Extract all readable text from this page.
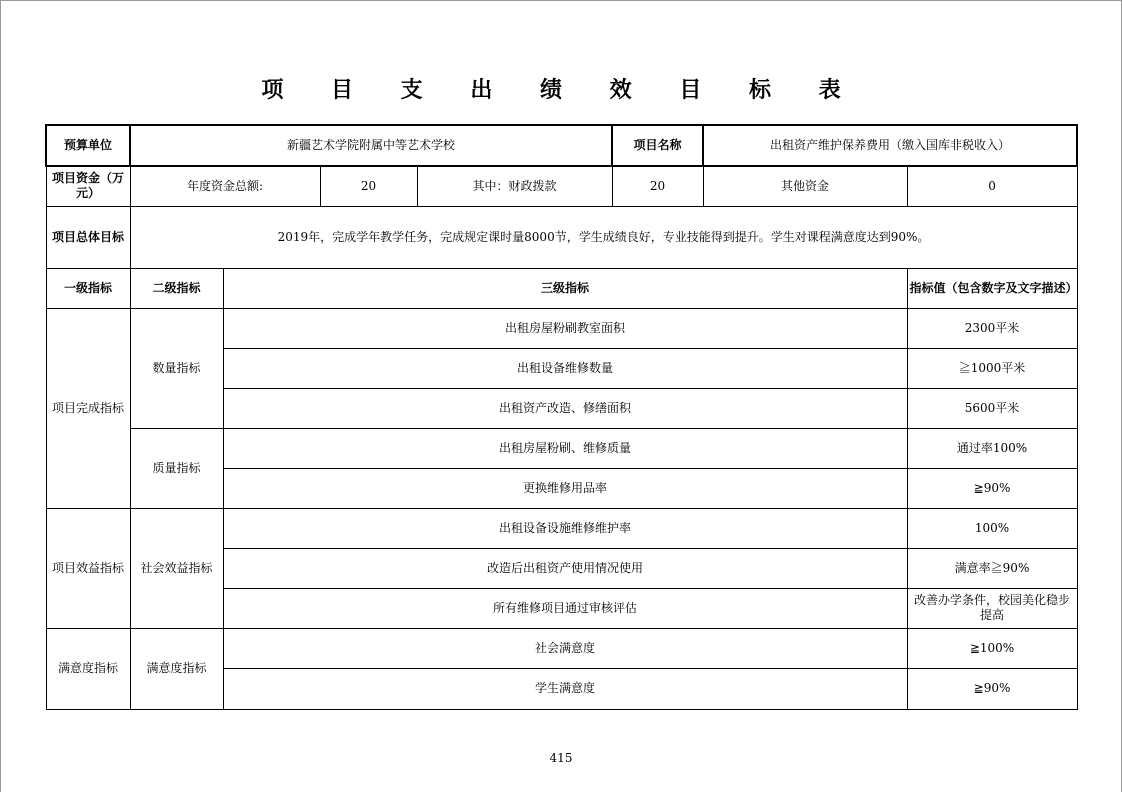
项 目 支 出 绩 效 目 标 表
预算单位	新疆艺术学院附属中等艺术学校				项目名称	出租资产维护保养费用（缴入国库非税收入）	
项目资金（万元）	年度资金总额:		20	其中：财政拨款	20	其他资金	0
项目总体目标	2019年，完成学年教学任务，完成规定课时量8000节，学生成绩良好，专业技能得到提升。学生对课程满意度达到90%。						
一级指标	二级指标	三级指标					指标值（包含数字及文字描述）
项目完成指标	数量指标	出租房屋粉刷教室面积					2300平米
		出租设备维修数量					≧1000平米
		出租资产改造、修缮面积					5600平米
	质量指标	出租房屋粉刷、维修质量					通过率100%
		更换维修用品率					≧90%
项目效益指标	社会效益指标	出租设备设施维修维护率					100%
		改造后出租资产使用情况使用					满意率≧90%
		所有维修项目通过审核评估					改善办学条件，校园美化稳步提高
满意度指标	满意度指标	社会满意度					≧100%
		学生满意度					≧90%
415
